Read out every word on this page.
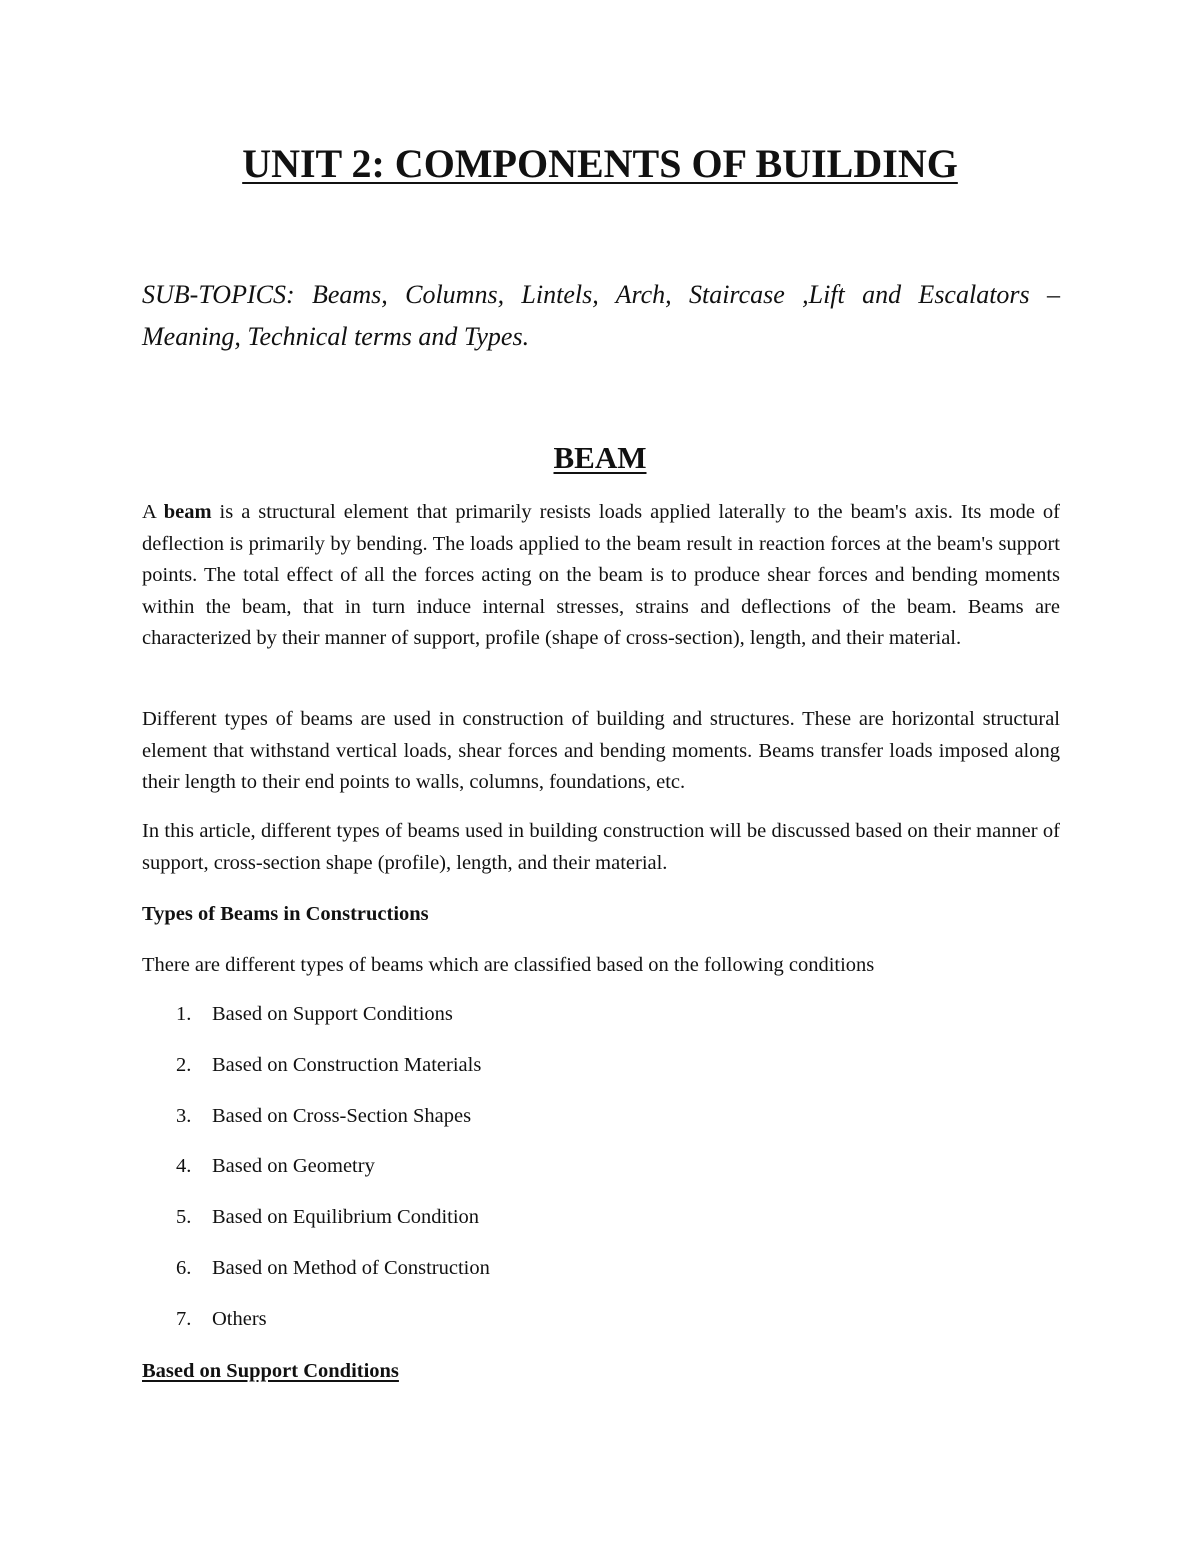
UNIT 2: COMPONENTS OF BUILDING
SUB-TOPICS: Beams, Columns, Lintels, Arch, Staircase ,Lift and Escalators – Meaning, Technical terms and Types.
BEAM
A beam is a structural element that primarily resists loads applied laterally to the beam's axis. Its mode of deflection is primarily by bending. The loads applied to the beam result in reaction forces at the beam's support points. The total effect of all the forces acting on the beam is to produce shear forces and bending moments within the beam, that in turn induce internal stresses, strains and deflections of the beam. Beams are characterized by their manner of support, profile (shape of cross-section), length, and their material.
Different types of beams are used in construction of building and structures. These are horizontal structural element that withstand vertical loads, shear forces and bending moments. Beams transfer loads imposed along their length to their end points to walls, columns, foundations, etc.
In this article, different types of beams used in building construction will be discussed based on their manner of support, cross-section shape (profile), length, and their material.
Types of Beams in Constructions
There are different types of beams which are classified based on the following conditions
1. Based on Support Conditions
2. Based on Construction Materials
3. Based on Cross-Section Shapes
4. Based on Geometry
5. Based on Equilibrium Condition
6. Based on Method of Construction
7. Others
Based on Support Conditions
